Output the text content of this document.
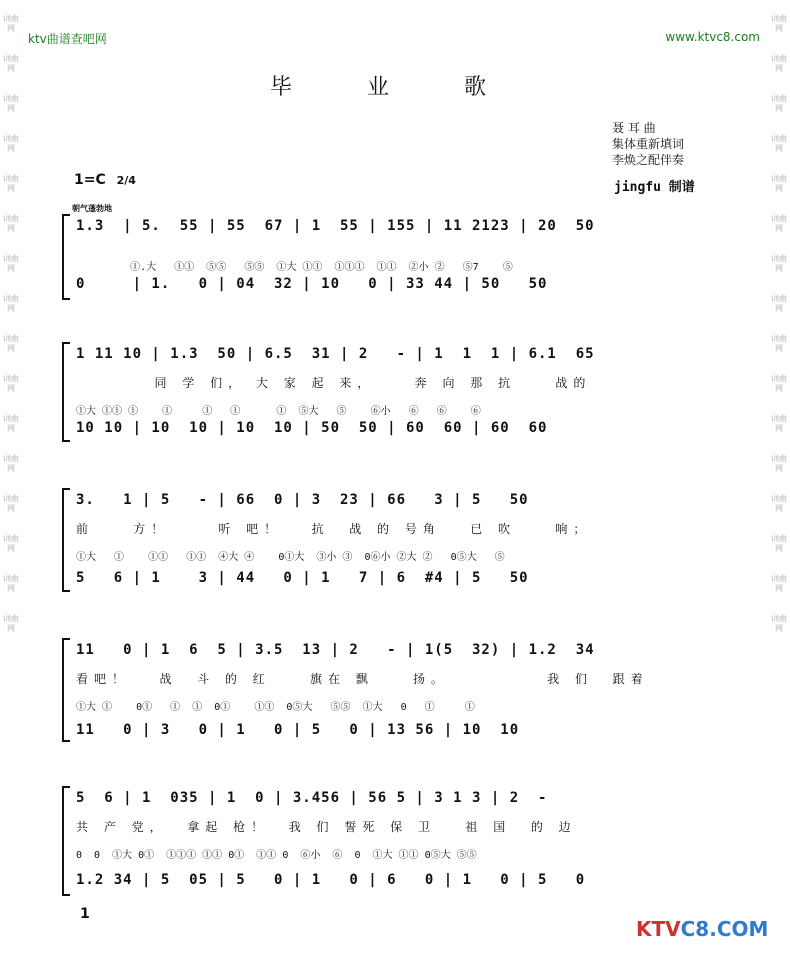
词曲网
词曲网
词曲网
词曲网
词曲网
词曲网
词曲网
词曲网
词曲网
词曲网
词曲网
词曲网
词曲网
词曲网
词曲网
词曲网
词曲网
词曲网
词曲网
词曲网
词曲网
词曲网
词曲网
词曲网
词曲网
词曲网
词曲网
词曲网
词曲网
词曲网
词曲网
词曲网
ktv曲谱查吧网	www.ktvc8.com
毕 业 歌
聂 耳 曲
集体重新填词
李焕之配伴奏
1=C 2/4	jingfu 制谱
朝气蓬勃地
1.3  | 5.  55 | 55  67 | 1  55 | 155 | 11 2123 | 20  50
①.大   ①①  ⑤⑤   ⑤⑤  ①大 ①①  ①①①  ①①  ②小 ②   ⑤7    ⑤
0     | 1.   0 | 04  32 | 10   0 | 33 44 | 50   50
1 11 10 | 1.3  50 | 6.5  31 | 2   - | 1  1  1 | 6.1  65
同 学 们， 大 家 起 来，    奔 向 那 抗    战的
①大 ①① ①    ①     ①   ①      ①  ⑤大   ⑤    ⑥小   ⑥   ⑥    ⑥
10 10 | 10  10 | 10  10 | 50  50 | 60  60 | 60  60
3.   1 | 5   - | 66  0 | 3  23 | 66   3 | 5   50
前    方！     听 吧！   抗  战 的 号角   已 吹    响；
①大   ①    ①①   ①①  ④大 ④    0①大  ③小 ③  0⑥小 ②大 ②   0⑤大   ⑤
5   6 | 1    3 | 44   0 | 1   7 | 6  #4 | 5   50
11   0 | 1  6  5 | 3.5  13 | 2   - | 1(5  32) | 1.2  34
看吧！   战  斗 的 红    旗在 飘    扬。          我 们  跟着
①大 ①    0①   ①  ①  0①    ①①  0⑤大   ⑤⑤  ①大   0   ①     ①
11   0 | 3   0 | 1   0 | 5   0 | 13 56 | 10  10
5  6 | 1  035 | 1  0 | 3.456 | 56 5 | 3 1 3 | 2  -
共 产 党，  拿起 枪！  我 们 誓死 保 卫   祖 国  的 边
0  0  ①大 0①  ①①① ①① 0①  ①① 0  ⑥小  ⑥  0  ①大 ①① 0⑤大 ⑤⑤
1.2 34 | 5  05 | 5   0 | 1   0 | 6   0 | 1   0 | 5   0
1
KTVC8.COM
